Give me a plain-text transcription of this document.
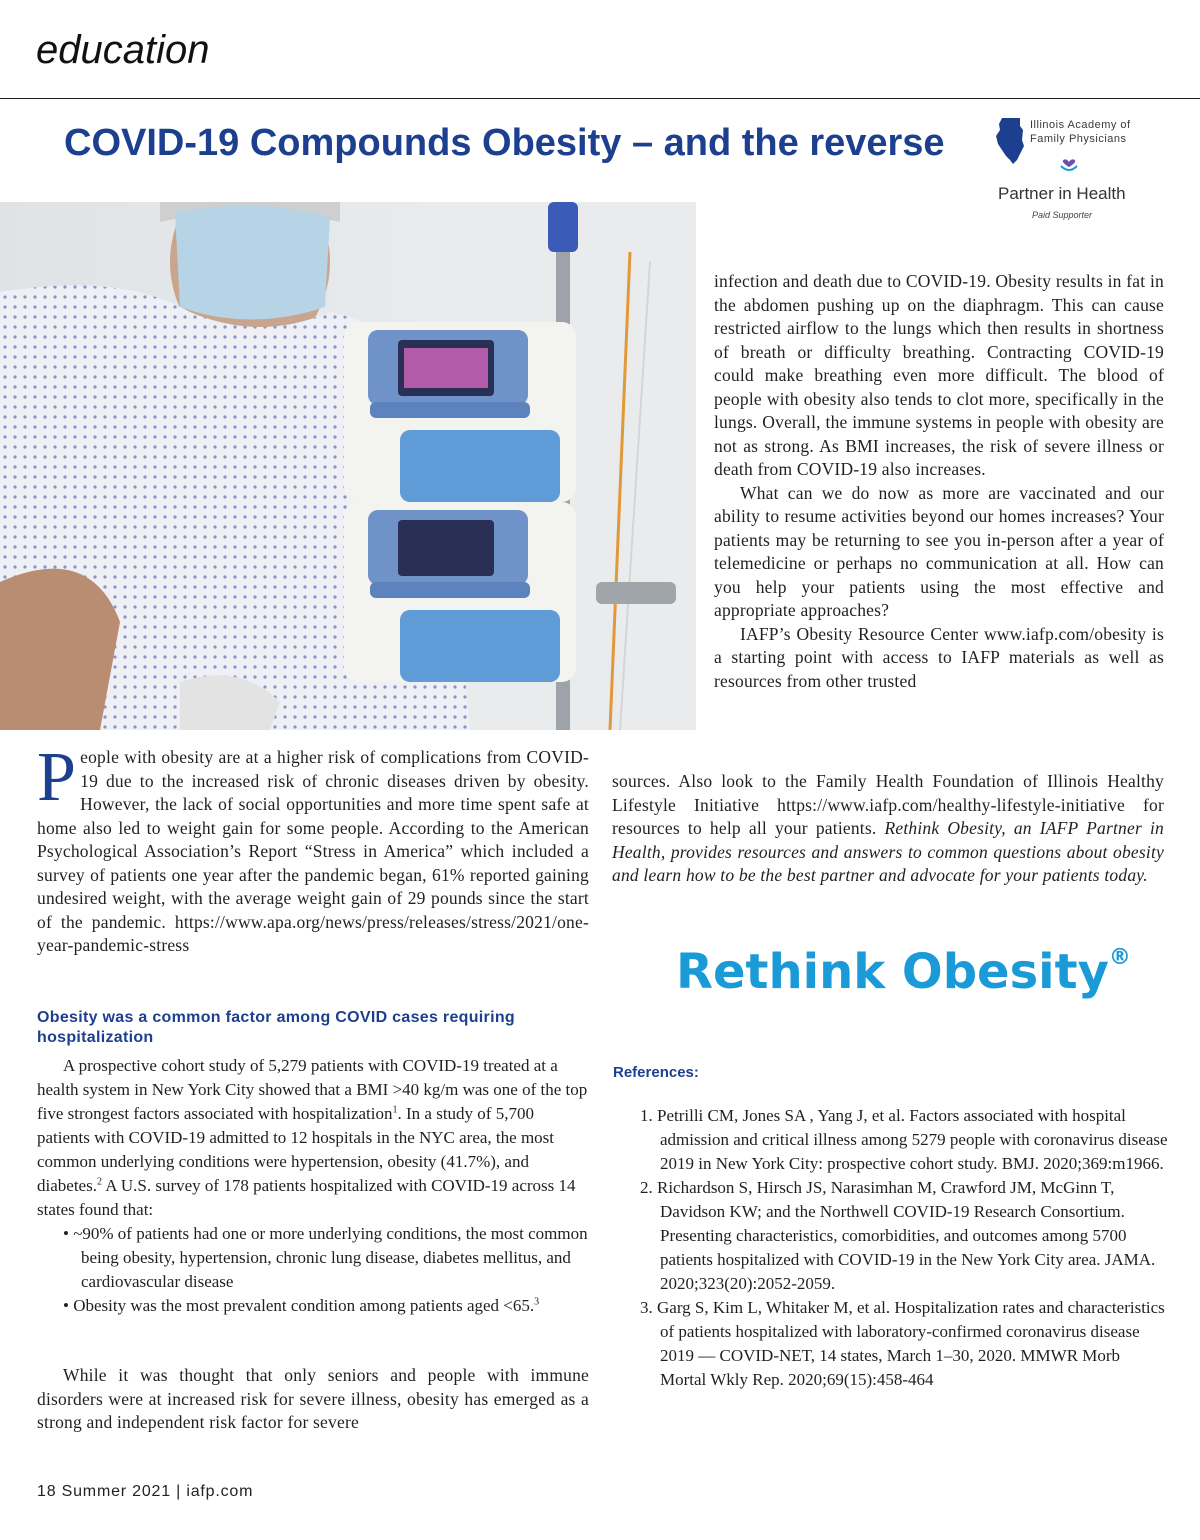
education
COVID-19 Compounds Obesity – and the reverse	Illinois Academy of
Family Physicians
Partner in Health
Paid Supporter

infection and death due to COVID-19. Obesity results in fat in the abdomen pushing up on the diaphragm. This can cause restricted airflow to the lungs which then results in shortness of breath or difficulty breathing. Contracting COVID-19 could make breathing even more difficult. The blood of people with obesity also tends to clot more, specifically in the lungs. Overall, the immune systems in people with obesity are not as strong. As BMI increases, the risk of severe illness or death from COVID-19 also increases.

What can we do now as more are vaccinated and our ability to resume activities beyond our homes increases? Your patients may be returning to see you in-person after a year of telemedicine or perhaps no communication at all. How can you help your patients using the most effective and appropriate approaches?

IAFP’s Obesity Resource Center www.iafp.com/obesity is a starting point with access to IAFP materials as well as resources from other trusted

sources. Also look to the Family Health Foundation of Illinois Healthy Lifestyle Initiative https://www.iafp.com/healthy-lifestyle-initiative for resources to help all your patients. Rethink Obesity, an IAFP Partner in Health, provides resources and answers to common questions about obesity and learn how to be the best partner and advocate for your patients today.

People with obesity are at a higher risk of complications from COVID-19 due to the increased risk of chronic diseases driven by obesity. However, the lack of social opportunities and more time spent safe at home also led to weight gain for some people. According to the American Psychological Association’s Report “Stress in America” which included a survey of patients one year after the pandemic began, 61% reported gaining undesired weight, with the average weight gain of 29 pounds since the start of the pandemic. https://www.apa.org/news/press/releases/stress/2021/one-year-pandemic-stress
Obesity was a common factor among COVID cases requiring hospitalization

A prospective cohort study of 5,279 patients with COVID-19 treated at a health system in New York City showed that a BMI >40 kg/m was one of the top five strongest factors associated with hospitalization$^1$. In a study of 5,700 patients with COVID-19 admitted to 12 hospitals in the NYC area, the most common underlying conditions were hypertension, obesity (41.7%), and diabetes.$^2$ A U.S. survey of 178 patients hospitalized with COVID-19 across 14 states found that:

• ~90% of patients had one or more underlying conditions, the most common being obesity, hypertension, chronic lung disease, diabetes mellitus, and cardiovascular disease

• Obesity was the most prevalent condition among patients aged <65.$^3$

While it was thought that only seniors and people with immune disorders were at increased risk for severe illness, obesity has emerged as a strong and independent risk factor for severe
Rethink Obesity®
References:
1. Petrilli CM, Jones SA , Yang J, et al. Factors associated with hospital admission and critical illness among 5279 people with coronavirus disease 2019 in New York City: prospective cohort study. BMJ. 2020;369:m1966.
2. Richardson S, Hirsch JS, Narasimhan M, Crawford JM, McGinn T, Davidson KW; and the Northwell COVID-19 Research Consortium. Presenting characteristics, comorbidities, and outcomes among 5700 patients hospitalized with COVID-19 in the New York City area. JAMA. 2020;323(20):2052-2059.
3. Garg S, Kim L, Whitaker M, et al. Hospitalization rates and characteristics of patients hospitalized with laboratory-confirmed coronavirus disease 2019 — COVID-NET, 14 states, March 1–30, 2020. MMWR Morb Mortal Wkly Rep. 2020;69(15):458-464
18 Summer 2021 | iafp.com
